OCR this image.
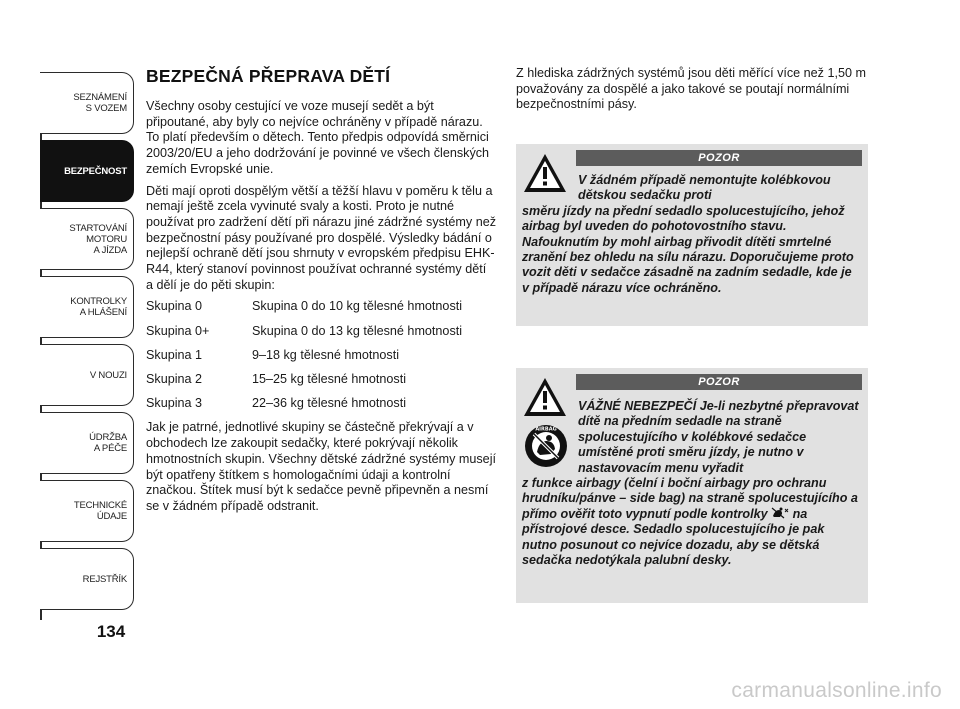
SEZNÁMENÍ
S VOZEM
BEZPEČNOST
STARTOVÁNÍ
MOTORU
A JÍZDA
KONTROLKY
A HLÁŠENÍ
V NOUZI
ÚDRŽBA
A PÉČE
TECHNICKÉ
ÚDAJE
REJSTŘÍK
134
BEZPEČNÁ PŘEPRAVA DĚTÍ

Všechny osoby cestující ve voze musejí sedět a být připoutané, aby byly co nejvíce ochráněny v případě nárazu. To platí především o dětech. Tento předpis odpovídá směrnici 2003/20/EU a jeho dodržování je povinné ve všech členských zemích Evropské unie.

Děti mají oproti dospělým větší a těžší hlavu v poměru k tělu a nemají ještě zcela vyvinuté svaly a kosti. Proto je nutné používat pro zadržení dětí při nárazu jiné zádržné systémy než bezpečnostní pásy používané pro dospělé. Výsledky bádání o nejlepší ochraně dětí jsou shrnuty v evropském předpisu EHK-R44, který stanoví povinnost používat ochranné systémy dětí a dělí je do pěti skupin:

Skupina 0	Skupina 0 do 10 kg tělesné hmotnosti
Skupina 0+	Skupina 0 do 13 kg tělesné hmotnosti
Skupina 1	9–18 kg tělesné hmotnosti
Skupina 2	15–25 kg tělesné hmotnosti
Skupina 3	22–36 kg tělesné hmotnosti

Jak je patrné, jednotlivé skupiny se částečně překrývají a v obchodech lze zakoupit sedačky, které pokrývají několik hmotnostních skupin. Všechny dětské zádržné systémy musejí být opatřeny štítkem s homologačními údaji a kontrolní značkou. Štítek musí být k sedačce pevně připevněn a nesmí se v žádném případě odstranit.

Z hlediska zádržných systémů jsou děti měřící více než 1,50 m považovány za dospělé a jako takové se poutají normálními bezpečnostními pásy.

POZOR
V žádném případě nemontujte kolébkovou dětskou sedačku proti
směru jízdy na přední sedadlo spolucestujícího, jehož airbag byl uveden do pohotovostního stavu. Nafouknutím by mohl airbag přivodit dítěti smrtelné zranění bez ohledu na sílu nárazu. Doporučujeme proto vozit děti v sedačce zásadně na zadním sedadle, kde je v případě nárazu více ochráněno.
AIRBAG
POZOR
VÁŽNÉ NEBEZPEČÍ Je-li nezbytné přepravovat dítě na předním sedadle na straně spolucestujícího v kolébkové sedačce umístěné proti směru jízdy, je nutno v nastavovacím menu vyřadit
z funkce airbagy (čelní i boční airbagy pro ochranu hrudníku/pánve – side bag) na straně spolucestujícího a přímo ověřit toto vypnutí podle kontrolky na přístrojové desce. Sedadlo spolucestujícího je pak nutno posunout co nejvíce dozadu, aby se dětská sedačka nedotýkala palubní desky.
carmanualsonline.info
